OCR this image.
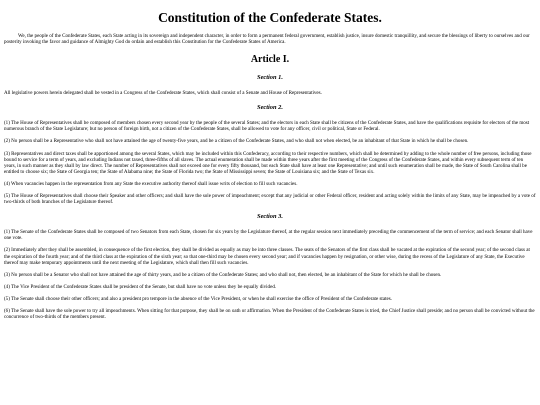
Constitution of the Confederate States.

We, the people of the Confederate States, each State acting in its sovereign and independent character, in order to form a permanent federal government, establish justice, insure domestic tranquillity, and secure the blessings of liberty to ourselves and our posterity invoking the favor and guidance of Almighty God do ordain and establish this Constitution for the Confederate States of America.

Article I.
Section 1.

All legislative powers herein delegated shall be vested in a Congress of the Confederate States, which shall consist of a Senate and House of Representatives.

Section 2.

(1) The House of Representatives shall be composed of members chosen every second year by the people of the several States; and the electors in each State shall be citizens of the Confederate States, and have the qualifications requisite for electors of the most numerous branch of the State Legislature; but no person of foreign birth, not a citizen of the Confederate States, shall be allowed to vote for any officer, civil or political, State or Federal.

(2) No person shall be a Representative who shall not have attained the age of twenty-five years, and be a citizen of the Confederate States, and who shall not when elected, be an inhabitant of that State in which he shall be chosen.

(3) Representatives and direct taxes shall be apportioned among the several States, which may be included within this Confederacy, according to their respective numbers, which shall be determined by adding to the whole number of free persons, including those bound to service for a term of years, and excluding Indians not taxed, three-fifths of all slaves. The actual enumeration shall be made within three years after the first meeting of the Congress of the Confederate States, and within every subsequent term of ten years, in such manner as they shall by law direct. The number of Representatives shall not exceed one for every fifty thousand, but each State shall have at least one Representative; and until such enumeration shall be made, the State of South Carolina shall be entitled to choose six; the State of Georgia ten; the State of Alabama nine; the State of Florida two; the State of Mississippi seven; the State of Louisiana six; and the State of Texas six.

(4) When vacancies happen in the representation from any State the executive authority thereof shall issue writs of election to fill such vacancies.

(5) The House of Representatives shall choose their Speaker and other officers; and shall have the sole power of impeachment; except that any judicial or other Federal officer, resident and acting solely within the limits of any State, may be impeached by a vote of two-thirds of both branches of the Legislature thereof.

Section 3.

(1) The Senate of the Confederate States shall be composed of two Senators from each State, chosen for six years by the Legislature thereof, at the regular session next immediately preceding the commencement of the term of service; and each Senator shall have one vote.

(2) Immediately after they shall be assembled, in consequence of the first election, they shall be divided as equally as may be into three classes. The seats of the Senators of the first class shall be vacated at the expiration of the second year; of the second class at the expiration of the fourth year; and of the third class at the expiration of the sixth year; so that one-third may be chosen every second year; and if vacancies happen by resignation, or other wise, during the recess of the Legislature of any State, the Executive thereof may make temporary appointments until the next meeting of the Legislature, which shall then fill such vacancies.

(3) No person shall be a Senator who shall not have attained the age of thirty years, and be a citizen of the Confederate States; and who shall not, then elected, be an inhabitant of the State for which he shall be chosen.

(4) The Vice President of the Confederate States shall be president of the Senate, but shall have no vote unless they be equally divided.

(5) The Senate shall choose their other officers; and also a president pro tempore in the absence of the Vice President, or when he shall exercise the office of President of the Confederate states.

(6) The Senate shall have the sole power to try all impeachments. When sitting for that purpose, they shall be on oath or affirmation. When the President of the Confederate States is tried, the Chief Justice shall preside; and no person shall be convicted without the concurrence of two-thirds of the members present.
